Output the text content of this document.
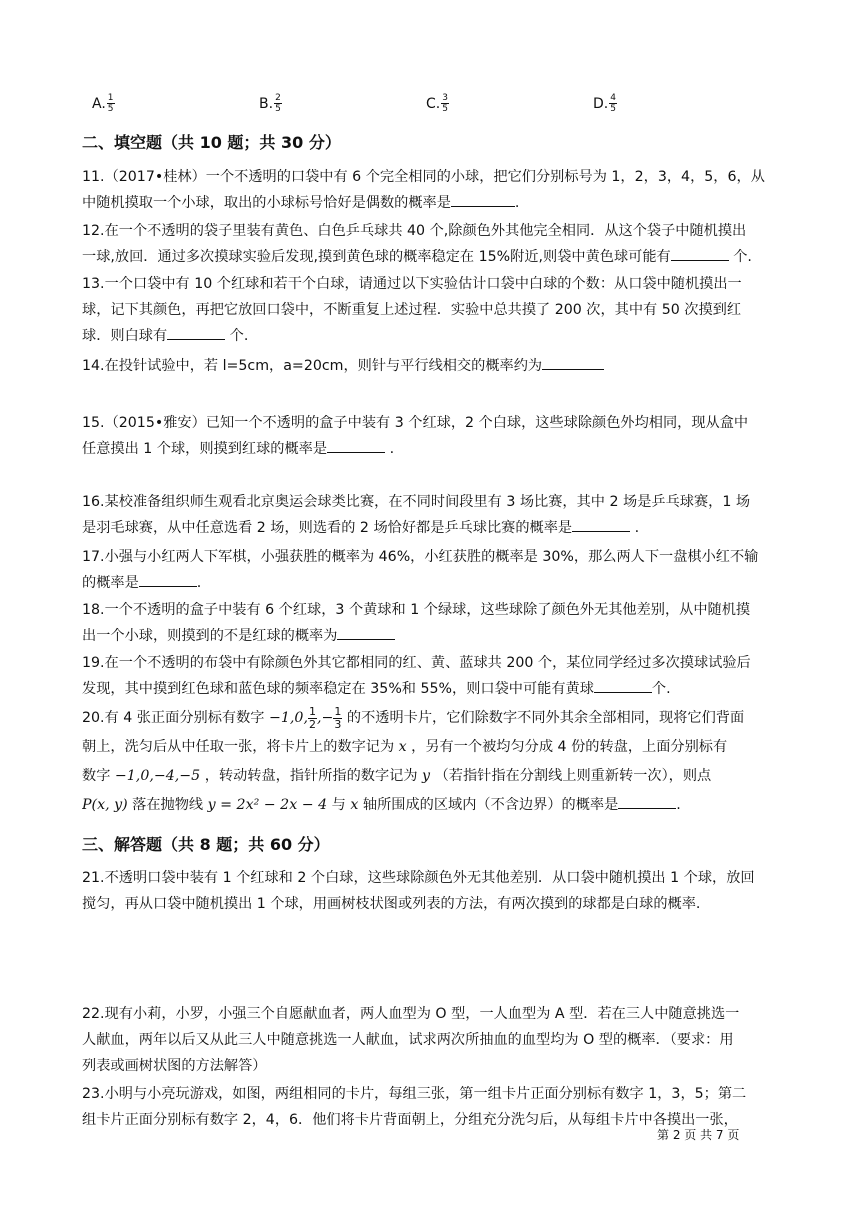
A. $\frac{1}{5}$	B. $\frac{2}{5}$	C. $\frac{3}{5}$	D. $\frac{4}{5}$
二、填空题（共 10 题；共 30 分）
11.（2017•桂林）一个不透明的口袋中有 6 个完全相同的小球，把它们分别标号为 1，2，3，4，5，6，从
中随机摸取一个小球，取出的小球标号恰好是偶数的概率是	.
12.在一个不透明的袋子里装有黄色、白色乒乓球共 40 个,除颜色外其他完全相同．从这个袋子中随机摸出
一球,放回．通过多次摸球实验后发现,摸到黄色球的概率稳定在 15%附近,则袋中黄色球可能有	个.
13.一个口袋中有 10 个红球和若干个白球，请通过以下实验估计口袋中白球的个数：从口袋中随机摸出一
球，记下其颜色，再把它放回口袋中，不断重复上述过程．实验中总共摸了 200 次，其中有 50 次摸到红
球．则白球有	个.
14.在投针试验中，若 l=5cm，a=20cm，则针与平行线相交的概率约为
15.（2015•雅安）已知一个不透明的盒子中装有 3 个红球，2 个白球，这些球除颜色外均相同，现从盒中
任意摸出 1 个球，则摸到红球的概率是	.
16.某校准备组织师生观看北京奥运会球类比赛，在不同时间段里有 3 场比赛，其中 2 场是乒乓球赛，1 场
是羽毛球赛，从中任意选看 2 场，则选看的 2 场恰好都是乒乓球比赛的概率是	.
17.小强与小红两人下军棋，小强获胜的概率为 46%，小红获胜的概率是 30%，那么两人下一盘棋小红不输
的概率是	.
18.一个不透明的盒子中装有 6 个红球，3 个黄球和 1 个绿球，这些球除了颜色外无其他差别，从中随机摸
出一个小球，则摸到的不是红球的概率为
19.在一个不透明的布袋中有除颜色外其它都相同的红、黄、蓝球共 200 个，某位同学经过多次摸球试验后
发现，其中摸到红色球和蓝色球的频率稳定在 35%和 55%，则口袋中可能有黄球	个.
20.有 4 张正面分别标有数字 −1,0, $\frac{1}{2}$ ,− $\frac{1}{3}$ 的不透明卡片，它们除数字不同外其余全部相同，现将它们背面
朝上，洗匀后从中任取一张，将卡片上的数字记为 x ，另有一个被均匀分成 4 份的转盘，上面分别标有
数字 −1,0,−4,−5 ，转动转盘，指针所指的数字记为 y （若指针指在分割线上则重新转一次），则点
P(x, y) 落在抛物线 y = 2x² − 2x − 4 与 x 轴所围成的区域内（不含边界）的概率是	.
三、解答题（共 8 题；共 60 分）
21.不透明口袋中装有 1 个红球和 2 个白球，这些球除颜色外无其他差别．从口袋中随机摸出 1 个球，放回
搅匀，再从口袋中随机摸出 1 个球，用画树枝状图或列表的方法，有两次摸到的球都是白球的概率.
22.现有小莉，小罗，小强三个自愿献血者，两人血型为 O 型，一人血型为 A 型．若在三人中随意挑选一
人献血，两年以后又从此三人中随意挑选一人献血，试求两次所抽血的血型均为 O 型的概率．（要求：用
列表或画树状图的方法解答）
23.小明与小亮玩游戏，如图，两组相同的卡片，每组三张，第一组卡片正面分别标有数字 1，3，5；第二
组卡片正面分别标有数字 2，4，6．他们将卡片背面朝上，分组充分洗匀后，从每组卡片中各摸出一张，
第 2 页 共 7 页
